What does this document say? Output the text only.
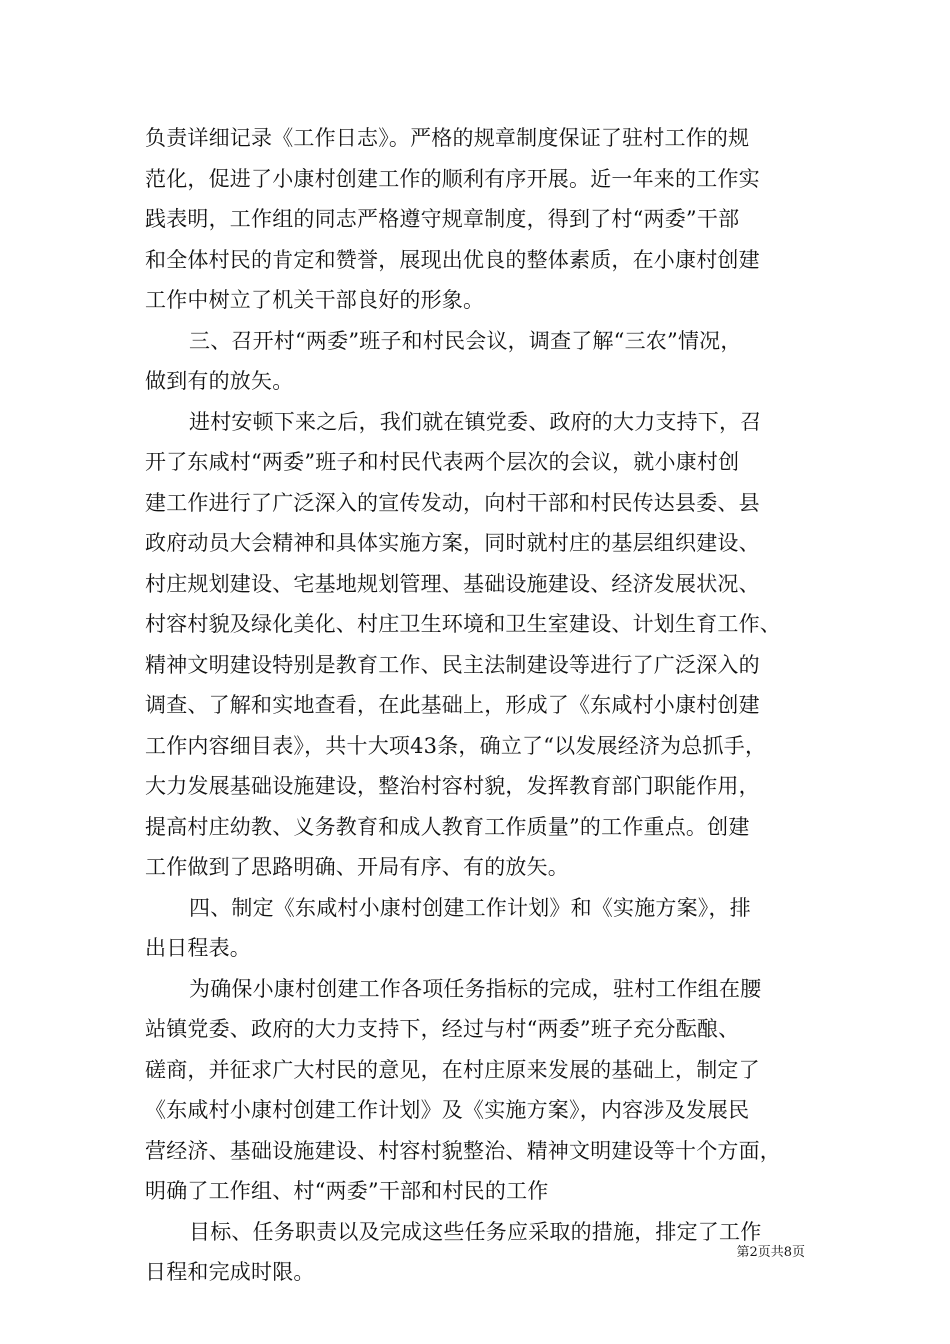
负责详细记录《工作日志》。严格的规章制度保证了驻村工作的规
范化，促进了小康村创建工作的顺利有序开展。近一年来的工作实
践表明，工作组的同志严格遵守规章制度，得到了村“两委”干部
和全体村民的肯定和赞誉，展现出优良的整体素质，在小康村创建
工作中树立了机关干部良好的形象。
三、召开村“两委”班子和村民会议，调查了解“三农”情况，
做到有的放矢。
进村安顿下来之后，我们就在镇党委、政府的大力支持下，召
开了东咸村“两委”班子和村民代表两个层次的会议，就小康村创
建工作进行了广泛深入的宣传发动，向村干部和村民传达县委、县
政府动员大会精神和具体实施方案，同时就村庄的基层组织建设、
村庄规划建设、宅基地规划管理、基础设施建设、经济发展状况、
村容村貌及绿化美化、村庄卫生环境和卫生室建设、计划生育工作、
精神文明建设特别是教育工作、民主法制建设等进行了广泛深入的
调查、了解和实地查看，在此基础上，形成了《东咸村小康村创建
工作内容细目表》，共十大项43条，确立了“以发展经济为总抓手，
大力发展基础设施建设，整治村容村貌，发挥教育部门职能作用，
提高村庄幼教、义务教育和成人教育工作质量”的工作重点。创建
工作做到了思路明确、开局有序、有的放矢。
四、制定《东咸村小康村创建工作计划》和《实施方案》，排
出日程表。
为确保小康村创建工作各项任务指标的完成，驻村工作组在腰
站镇党委、政府的大力支持下，经过与村“两委”班子充分酝酿、
磋商，并征求广大村民的意见，在村庄原来发展的基础上，制定了
《东咸村小康村创建工作计划》及《实施方案》，内容涉及发展民
营经济、基础设施建设、村容村貌整治、精神文明建设等十个方面，
明确了工作组、村“两委”干部和村民的工作
目标、任务职责以及完成这些任务应采取的措施，排定了工作
日程和完成时限。
第2页共8页
